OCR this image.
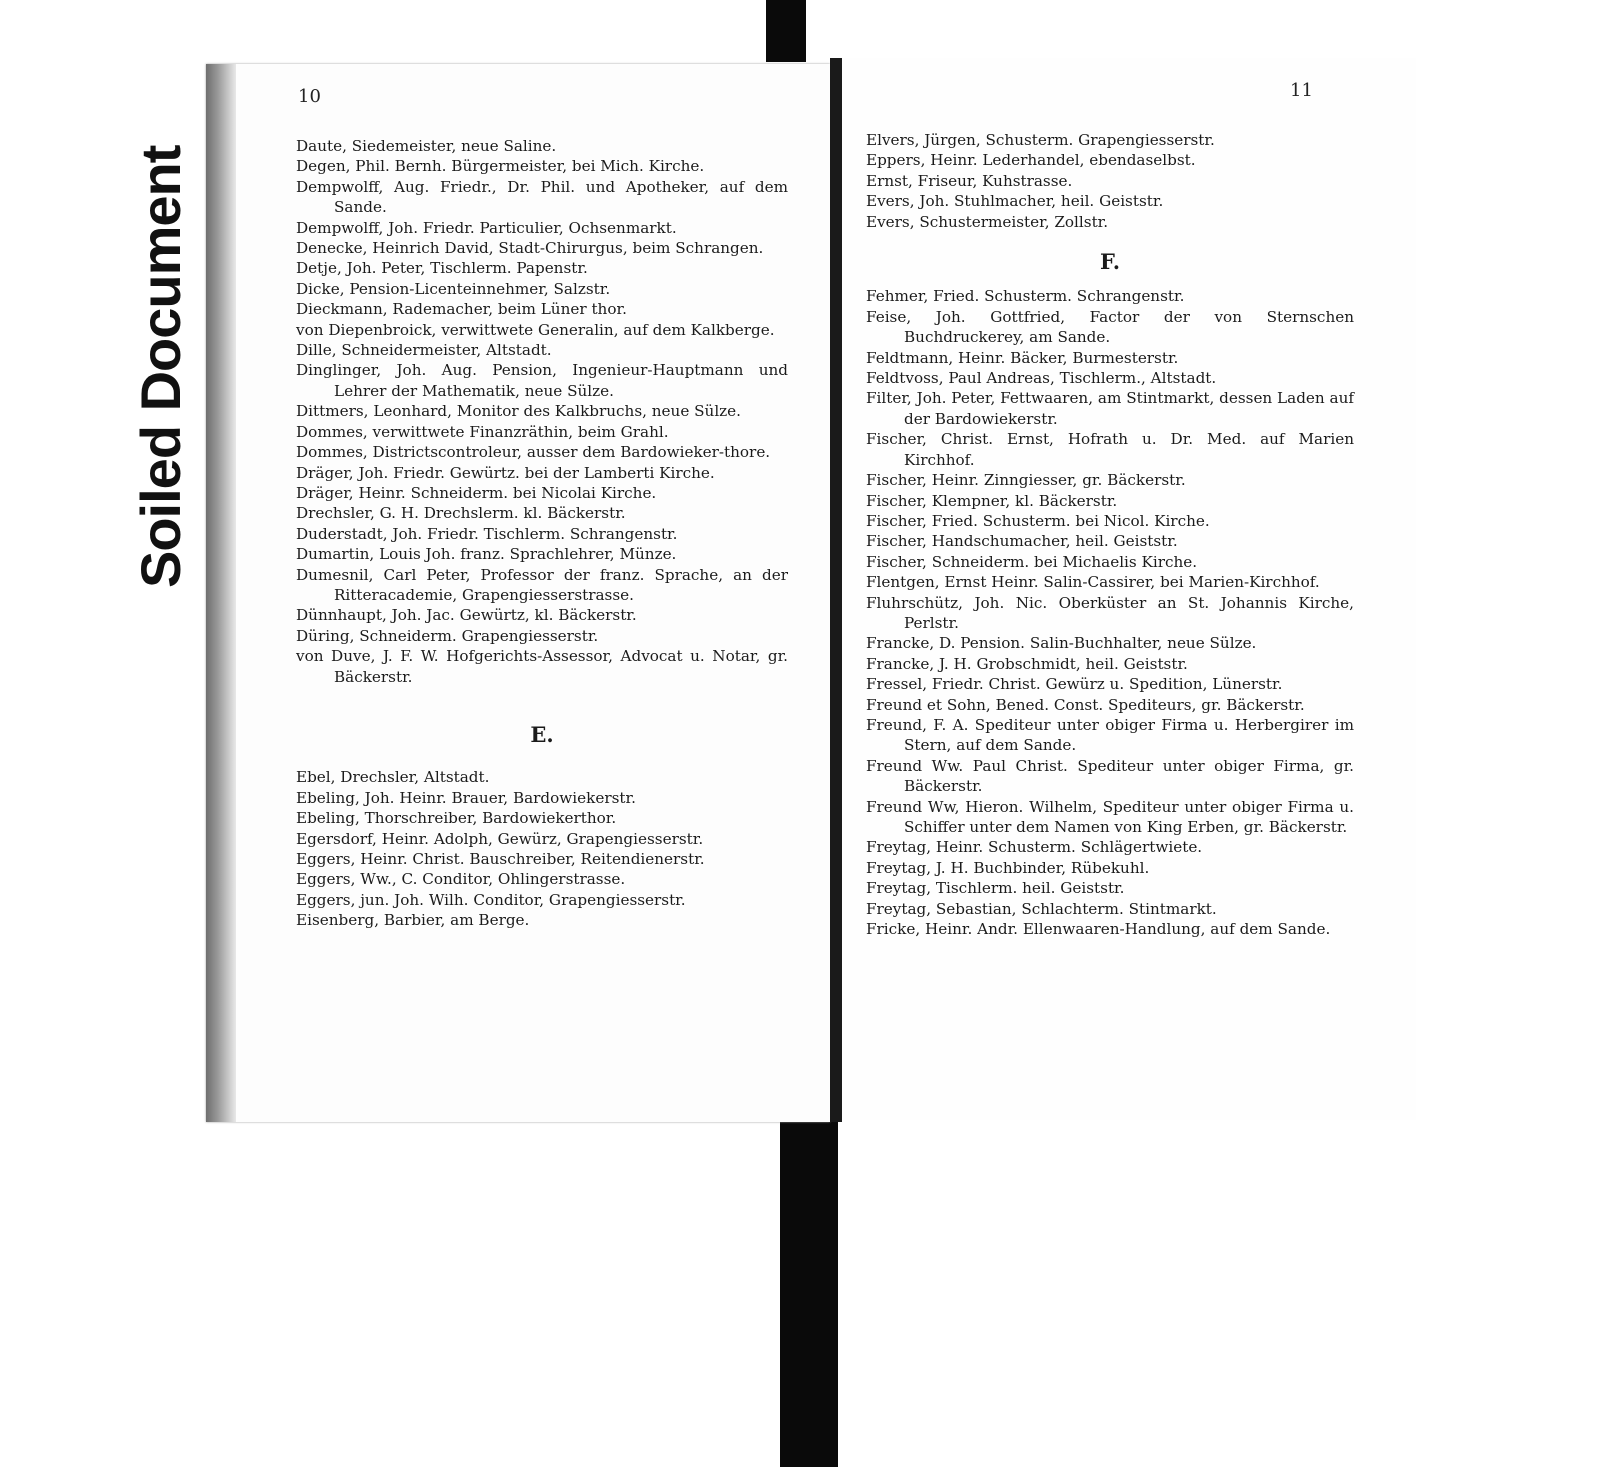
Soiled Document
10
Daute, Siedemeister, neue Saline.
Degen, Phil. Bernh. Bürgermeister, bei Mich. Kirche.
Dempwolff, Aug. Friedr., Dr. Phil. und Apotheker, auf dem Sande.
Dempwolff, Joh. Friedr. Particulier, Ochsenmarkt.
Denecke, Heinrich David, Stadt-Chirurgus, beim Schrangen.
Detje, Joh. Peter, Tischlerm. Papenstr.
Dicke, Pension-Licenteinnehmer, Salzstr.
Dieckmann, Rademacher, beim Lüner thor.
von Diepenbroick, verwittwete Generalin, auf dem Kalkberge.
Dille, Schneidermeister, Altstadt.
Dinglinger, Joh. Aug. Pension, Ingenieur-Hauptmann und Lehrer der Mathematik, neue Sülze.
Dittmers, Leonhard, Monitor des Kalkbruchs, neue Sülze.
Dommes, verwittwete Finanzräthin, beim Grahl.
Dommes, Districtscontroleur, ausser dem Bardowieker-thore.
Dräger, Joh. Friedr. Gewürtz. bei der Lamberti Kirche.
Dräger, Heinr. Schneiderm. bei Nicolai Kirche.
Drechsler, G. H. Drechslerm. kl. Bäckerstr.
Duderstadt, Joh. Friedr. Tischlerm. Schrangenstr.
Dumartin, Louis Joh. franz. Sprachlehrer, Münze.
Dumesnil, Carl Peter, Professor der franz. Sprache, an der Ritteracademie, Grapengiesserstrasse.
Dünnhaupt, Joh. Jac. Gewürtz, kl. Bäckerstr.
Düring, Schneiderm. Grapengiesserstr.
von Duve, J. F. W. Hofgerichts-Assessor, Advocat u. Notar, gr. Bäckerstr.
E.
Ebel, Drechsler, Altstadt.
Ebeling, Joh. Heinr. Brauer, Bardowiekerstr.
Ebeling, Thorschreiber, Bardowiekerthor.
Egersdorf, Heinr. Adolph, Gewürz, Grapengiesserstr.
Eggers, Heinr. Christ. Bauschreiber, Reitendienerstr.
Eggers, Ww., C. Conditor, Ohlingerstrasse.
Eggers, jun. Joh. Wilh. Conditor, Grapengiesserstr.
Eisenberg, Barbier, am Berge.
11
Elvers, Jürgen, Schusterm. Grapengiesserstr.
Eppers, Heinr. Lederhandel, ebendaselbst.
Ernst, Friseur, Kuhstrasse.
Evers, Joh. Stuhlmacher, heil. Geiststr.
Evers, Schustermeister, Zollstr.
F.
Fehmer, Fried. Schusterm. Schrangenstr.
Feise, Joh. Gottfried, Factor der von Sternschen Buchdruckerey, am Sande.
Feldtmann, Heinr. Bäcker, Burmesterstr.
Feldtvoss, Paul Andreas, Tischlerm., Altstadt.
Filter, Joh. Peter, Fettwaaren, am Stintmarkt, dessen Laden auf der Bardowiekerstr.
Fischer, Christ. Ernst, Hofrath u. Dr. Med. auf Marien Kirchhof.
Fischer, Heinr. Zinngiesser, gr. Bäckerstr.
Fischer, Klempner, kl. Bäckerstr.
Fischer, Fried. Schusterm. bei Nicol. Kirche.
Fischer, Handschumacher, heil. Geiststr.
Fischer, Schneiderm. bei Michaelis Kirche.
Flentgen, Ernst Heinr. Salin-Cassirer, bei Marien-Kirchhof.
Fluhrschütz, Joh. Nic. Oberküster an St. Johannis Kirche, Perlstr.
Francke, D. Pension. Salin-Buchhalter, neue Sülze.
Francke, J. H. Grobschmidt, heil. Geiststr.
Fressel, Friedr. Christ. Gewürz u. Spedition, Lünerstr.
Freund et Sohn, Bened. Const. Spediteurs, gr. Bäckerstr.
Freund, F. A. Spediteur unter obiger Firma u. Herbergirer im Stern, auf dem Sande.
Freund Ww. Paul Christ. Spediteur unter obiger Firma, gr. Bäckerstr.
Freund Ww, Hieron. Wilhelm, Spediteur unter obiger Firma u. Schiffer unter dem Namen von King Erben, gr. Bäckerstr.
Freytag, Heinr. Schusterm. Schlägertwiete.
Freytag, J. H. Buchbinder, Rübekuhl.
Freytag, Tischlerm. heil. Geiststr.
Freytag, Sebastian, Schlachterm. Stintmarkt.
Fricke, Heinr. Andr. Ellenwaaren-Handlung, auf dem Sande.
